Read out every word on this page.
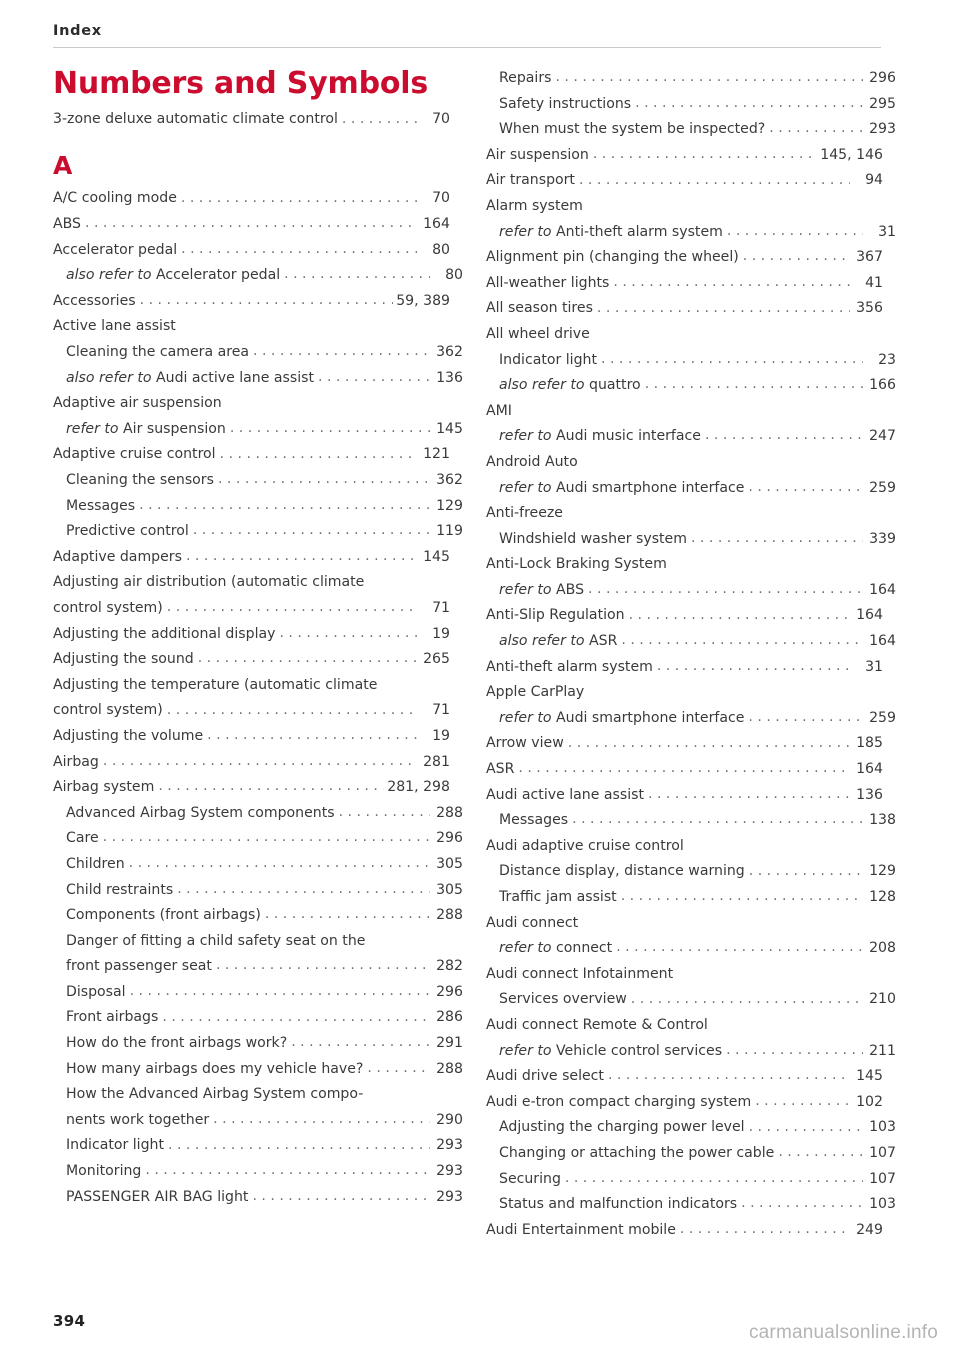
Index
Numbers and Symbols
3-zone deluxe automatic climate control . . .	70
A
A/C cooling mode . . .	70
ABS . . .	164
Accelerator pedal . . .	80
also refer to Accelerator pedal . . .	80
Accessories . . .	59, 389
Active lane assist
Cleaning the camera area . . .	362
also refer to Audi active lane assist . . .	136
Adaptive air suspension
refer to Air suspension . . .	145
Adaptive cruise control . . .	121
Cleaning the sensors . . .	362
Messages . . .	129
Predictive control . . .	119
Adaptive dampers . . .	145
Adjusting air distribution (automatic climate
control system) . . .	71
Adjusting the additional display . . .	19
Adjusting the sound . . .	265
Adjusting the temperature (automatic climate
control system) . . .	71
Adjusting the volume . . .	19
Airbag . . .	281
Airbag system . . .	281, 298
Advanced Airbag System components . . .	288
Care . . .	296
Children . . .	305
Child restraints . . .	305
Components (front airbags) . . .	288
Danger of fitting a child safety seat on the
front passenger seat . . .	282
Disposal . . .	296
Front airbags . . .	286
How do the front airbags work? . . .	291
How many airbags does my vehicle have? . . .	288
How the Advanced Airbag System compo-
nents work together . . .	290
Indicator light . . .	293
Monitoring . . .	293
PASSENGER AIR BAG light . . .	293
Repairs . . .	296
Safety instructions . . .	295
When must the system be inspected? . . .	293
Air suspension . . .	145, 146
Air transport . . .	94
Alarm system
refer to Anti-theft alarm system . . .	31
Alignment pin (changing the wheel) . . .	367
All-weather lights . . .	41
All season tires . . .	356
All wheel drive
Indicator light . . .	23
also refer to quattro . . .	166
AMI
refer to Audi music interface . . .	247
Android Auto
refer to Audi smartphone interface . . .	259
Anti-freeze
Windshield washer system . . .	339
Anti-Lock Braking System
refer to ABS . . .	164
Anti-Slip Regulation . . .	164
also refer to ASR . . .	164
Anti-theft alarm system . . .	31
Apple CarPlay
refer to Audi smartphone interface . . .	259
Arrow view . . .	185
ASR . . .	164
Audi active lane assist . . .	136
Messages . . .	138
Audi adaptive cruise control
Distance display, distance warning . . .	129
Traffic jam assist . . .	128
Audi connect
refer to connect . . .	208
Audi connect Infotainment
Services overview . . .	210
Audi connect Remote & Control
refer to Vehicle control services . . .	211
Audi drive select . . .	145
Audi e-tron compact charging system . . .	102
Adjusting the charging power level . . .	103
Changing or attaching the power cable . . .	107
Securing . . .	107
Status and malfunction indicators . . .	103
Audi Entertainment mobile . . .	249
394
carmanualsonline.info
